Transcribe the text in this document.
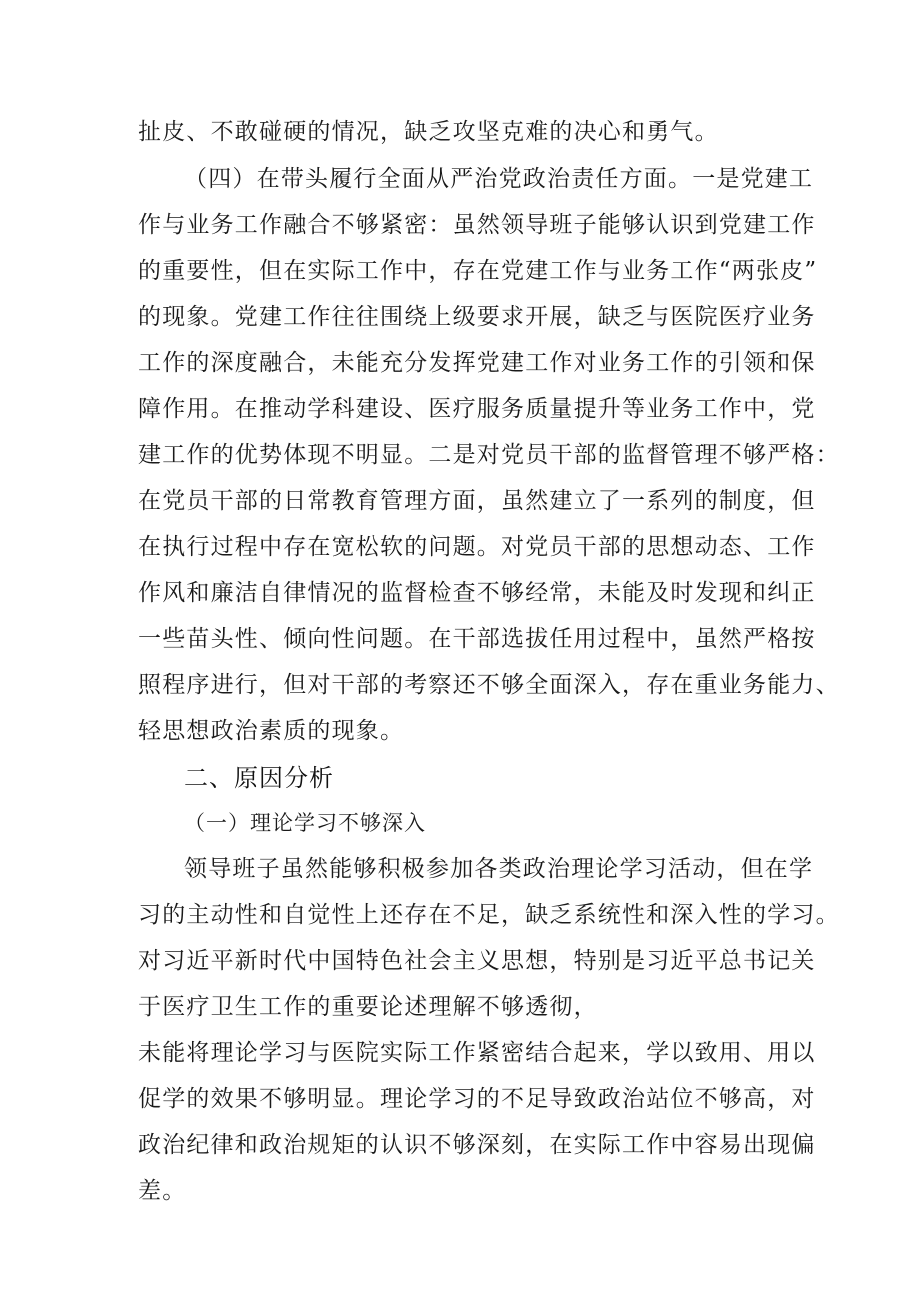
扯皮、不敢碰硬的情况，缺乏攻坚克难的决心和勇气。
（四）在带头履行全面从严治党政治责任方面。一是党建工
作与业务工作融合不够紧密：虽然领导班子能够认识到党建工作
的重要性，但在实际工作中，存在党建工作与业务工作“两张皮”
的现象。党建工作往往围绕上级要求开展，缺乏与医院医疗业务
工作的深度融合，未能充分发挥党建工作对业务工作的引领和保
障作用。在推动学科建设、医疗服务质量提升等业务工作中，党
建工作的优势体现不明显。二是对党员干部的监督管理不够严格：
在党员干部的日常教育管理方面，虽然建立了一系列的制度，但
在执行过程中存在宽松软的问题。对党员干部的思想动态、工作
作风和廉洁自律情况的监督检查不够经常，未能及时发现和纠正
一些苗头性、倾向性问题。在干部选拔任用过程中，虽然严格按
照程序进行，但对干部的考察还不够全面深入，存在重业务能力、
轻思想政治素质的现象。
二、原因分析
（一）理论学习不够深入
领导班子虽然能够积极参加各类政治理论学习活动，但在学
习的主动性和自觉性上还存在不足，缺乏系统性和深入性的学习。
对习近平新时代中国特色社会主义思想，特别是习近平总书记关
于医疗卫生工作的重要论述理解不够透彻，
未能将理论学习与医院实际工作紧密结合起来，学以致用、用以
促学的效果不够明显。理论学习的不足导致政治站位不够高，对
政治纪律和政治规矩的认识不够深刻，在实际工作中容易出现偏
差。
